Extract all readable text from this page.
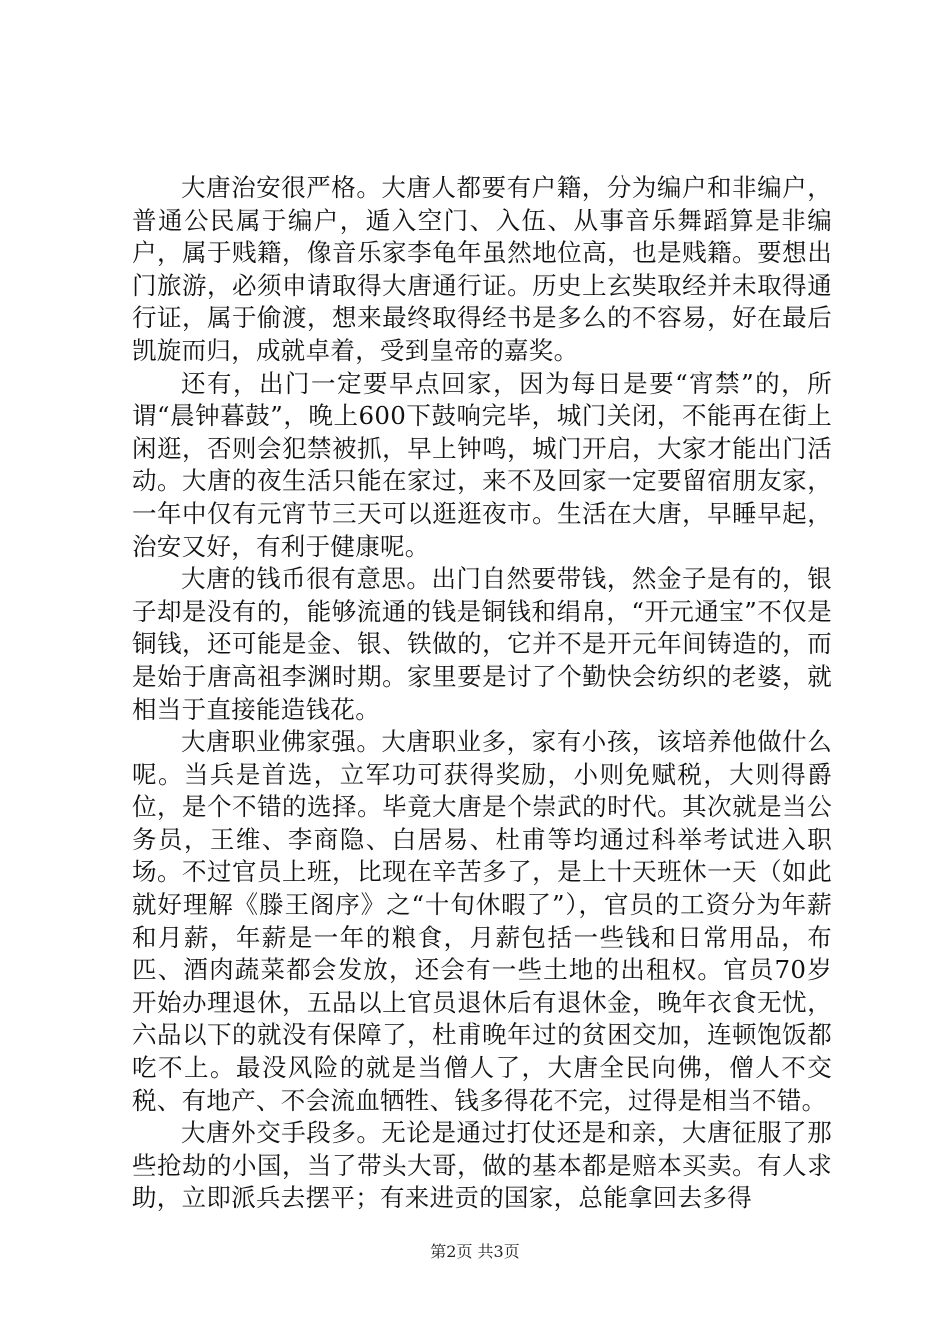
大唐治安很严格。大唐人都要有户籍，分为编户和非编户，普通公民属于编户，遁入空门、入伍、从事音乐舞蹈算是非编户，属于贱籍，像音乐家李龟年虽然地位高，也是贱籍。要想出门旅游，必须申请取得大唐通行证。历史上玄奘取经并未取得通行证，属于偷渡，想来最终取得经书是多么的不容易，好在最后凯旋而归，成就卓着，受到皇帝的嘉奖。

还有，出门一定要早点回家，因为每日是要“宵禁”的，所谓“晨钟暮鼓”，晚上600下鼓响完毕，城门关闭，不能再在街上闲逛，否则会犯禁被抓，早上钟鸣，城门开启，大家才能出门活动。大唐的夜生活只能在家过，来不及回家一定要留宿朋友家，一年中仅有元宵节三天可以逛逛夜市。生活在大唐，早睡早起，治安又好，有利于健康呢。

大唐的钱币很有意思。出门自然要带钱，然金子是有的，银子却是没有的，能够流通的钱是铜钱和绢帛，“开元通宝”不仅是铜钱，还可能是金、银、铁做的，它并不是开元年间铸造的，而是始于唐高祖李渊时期。家里要是讨了个勤快会纺织的老婆，就相当于直接能造钱花。

大唐职业佛家强。大唐职业多，家有小孩，该培养他做什么呢。当兵是首选，立军功可获得奖励，小则免赋税，大则得爵位，是个不错的选择。毕竟大唐是个崇武的时代。其次就是当公务员，王维、李商隐、白居易、杜甫等均通过科举考试进入职场。不过官员上班，比现在辛苦多了，是上十天班休一天（如此就好理解《滕王阁序》之“十旬休暇了”），官员的工资分为年薪和月薪，年薪是一年的粮食，月薪包括一些钱和日常用品，布匹、酒肉蔬菜都会发放，还会有一些土地的出租权。官员70岁开始办理退休，五品以上官员退休后有退休金，晚年衣食无忧，六品以下的就没有保障了，杜甫晚年过的贫困交加，连顿饱饭都吃不上。最没风险的就是当僧人了，大唐全民向佛，僧人不交税、有地产、不会流血牺牲、钱多得花不完，过得是相当不错。

大唐外交手段多。无论是通过打仗还是和亲，大唐征服了那些抢劫的小国，当了带头大哥，做的基本都是赔本买卖。有人求助，立即派兵去摆平；有来进贡的国家，总能拿回去多得

第2页 共3页
